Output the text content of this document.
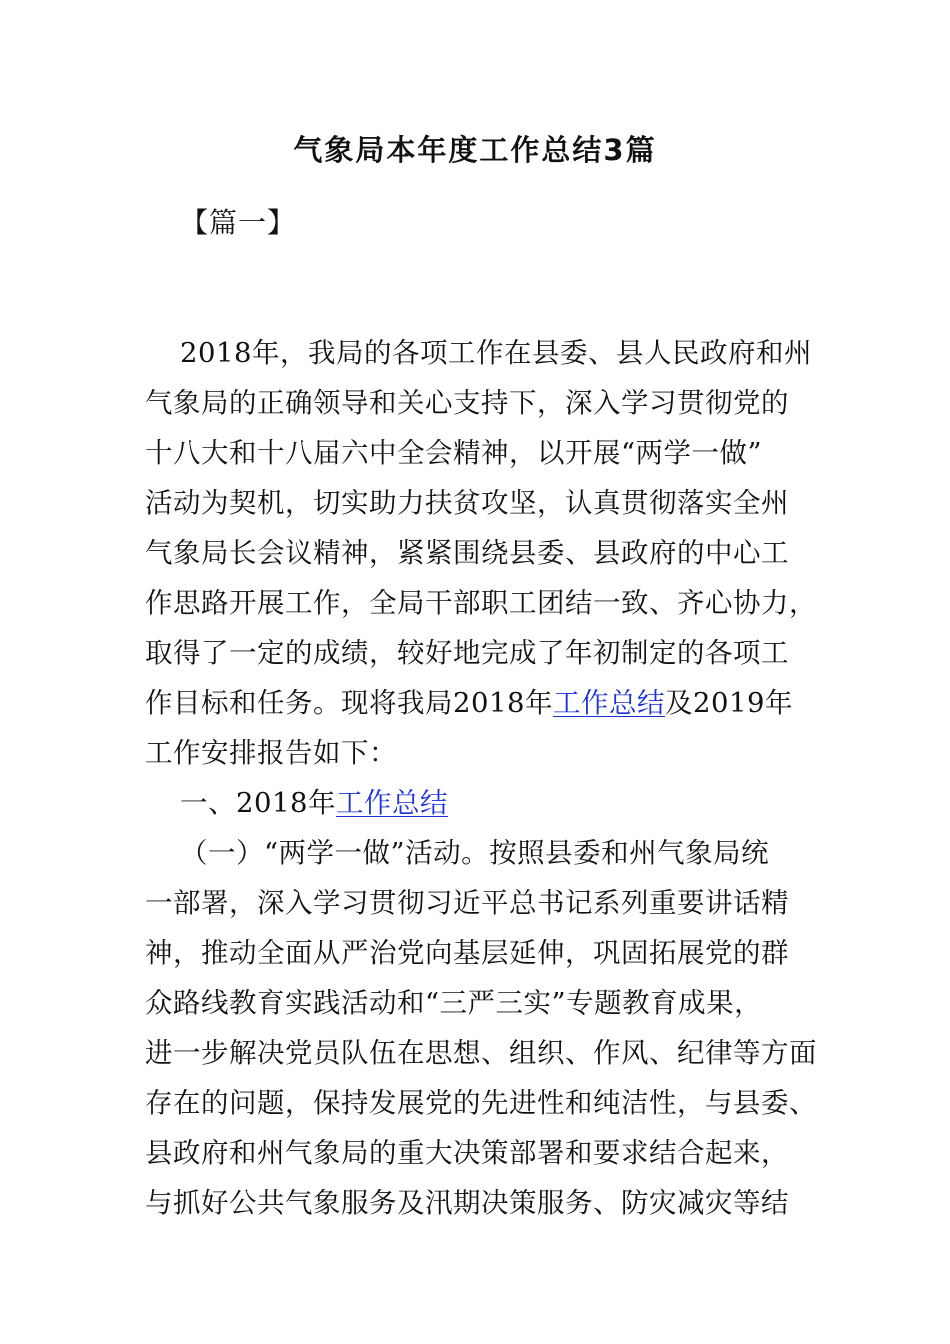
气象局本年度工作总结3篇
【篇一】
2018年，我局的各项工作在县委、县人民政府和州
气象局的正确领导和关心支持下，深入学习贯彻党的
十八大和十八届六中全会精神，以开展“两学一做”
活动为契机，切实助力扶贫攻坚，认真贯彻落实全州
气象局长会议精神，紧紧围绕县委、县政府的中心工
作思路开展工作，全局干部职工团结一致、齐心协力，
取得了一定的成绩，较好地完成了年初制定的各项工
作目标和任务。现将我局2018年工作总结及2019年
工作安排报告如下：
一、2018年工作总结
（一）“两学一做”活动。按照县委和州气象局统
一部署，深入学习贯彻习近平总书记系列重要讲话精
神，推动全面从严治党向基层延伸，巩固拓展党的群
众路线教育实践活动和“三严三实”专题教育成果，
进一步解决党员队伍在思想、组织、作风、纪律等方面
存在的问题，保持发展党的先进性和纯洁性，与县委、
县政府和州气象局的重大决策部署和要求结合起来，
与抓好公共气象服务及汛期决策服务、防灾减灾等结
